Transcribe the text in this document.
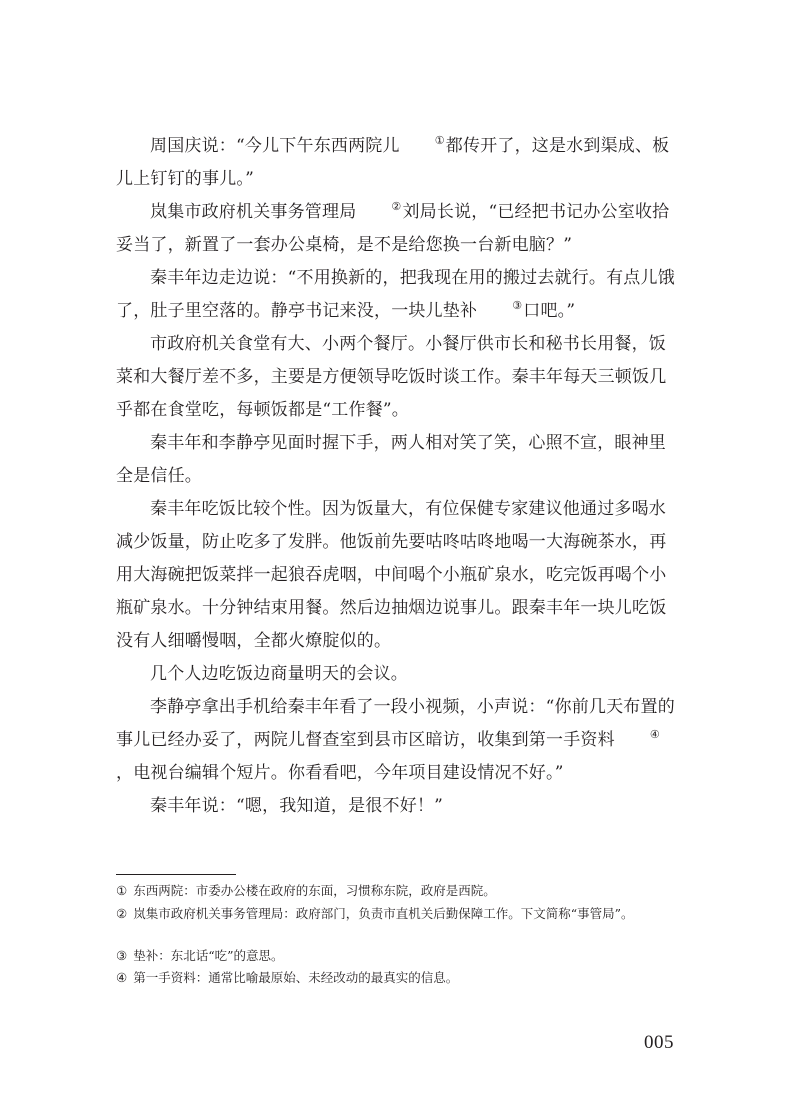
周国庆说：“今儿下午东西两院儿	①都传开了，这是水到渠成、板儿上钉钉的事儿。”

岚集市政府机关事务管理局	②刘局长说，“已经把书记办公室收拾妥当了，新置了一套办公桌椅，是不是给您换一台新电脑？”

秦丰年边走边说：“不用换新的，把我现在用的搬过去就行。有点儿饿了，肚子里空落的。静亭书记来没，一块儿垫补	③口吧。”

市政府机关食堂有大、小两个餐厅。小餐厅供市长和秘书长用餐，饭菜和大餐厅差不多，主要是方便领导吃饭时谈工作。秦丰年每天三顿饭几乎都在食堂吃，每顿饭都是“工作餐”。

秦丰年和李静亭见面时握下手，两人相对笑了笑，心照不宣，眼神里全是信任。

秦丰年吃饭比较个性。因为饭量大，有位保健专家建议他通过多喝水减少饭量，防止吃多了发胖。他饭前先要咕咚咕咚地喝一大海碗茶水，再用大海碗把饭菜拌一起狼吞虎咽，中间喝个小瓶矿泉水，吃完饭再喝个小瓶矿泉水。十分钟结束用餐。然后边抽烟边说事儿。跟秦丰年一块儿吃饭没有人细嚼慢咽，全都火燎腚似的。

几个人边吃饭边商量明天的会议。

李静亭拿出手机给秦丰年看了一段小视频，小声说：“你前几天布置的事儿已经办妥了，两院儿督查室到县市区暗访，收集到第一手资料	④，电视台编辑个短片。你看看吧，今年项目建设情况不好。”

秦丰年说：“嗯，我知道，是很不好！”

① 东西两院：市委办公楼在政府的东面，习惯称东院，政府是西院。

② 岚集市政府机关事务管理局：政府部门，负责市直机关后勤保障工作。下文简称“事管局”。

③ 垫补：东北话“吃”的意思。

④ 第一手资料：通常比喻最原始、未经改动的最真实的信息。

005
